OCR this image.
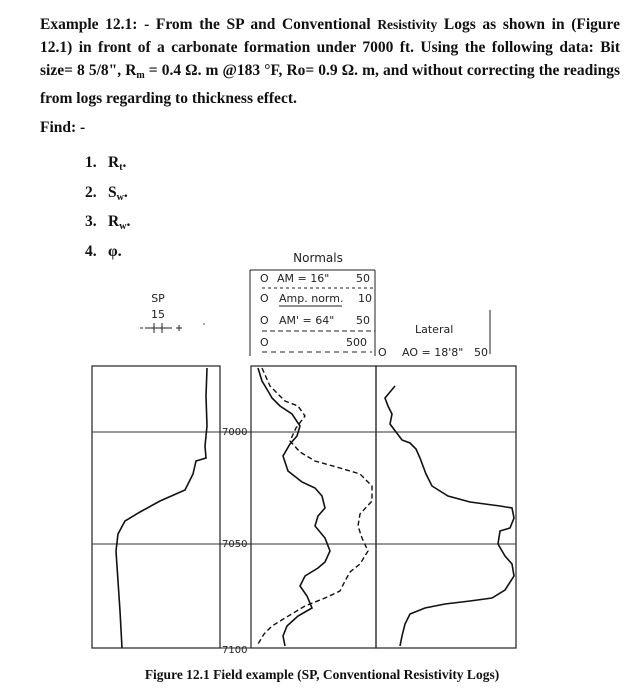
Example 12.1: - From the SP and Conventional Resistivity Logs as shown in (Figure 12.1) in front of a carbonate formation under 7000 ft. Using the following data: Bit size= 8 5/8", $R_m = 0.4$ Ω. m @183 °F, Ro= 0.9 Ω. m, and without correcting the readings from logs regarding to thickness effect.
Find: -
1. $R_t$.
2. $S_w$.
3. $R_w$.
4. φ.	Normals
SP
15
O AM = 16" 50
O Amp. norm. 10
O AM' = 64" 50
O	500
Lateral
O AO = 18'8" 50
7000
7050
7100
Figure 12.1 Field example (SP, Conventional Resistivity Logs)
